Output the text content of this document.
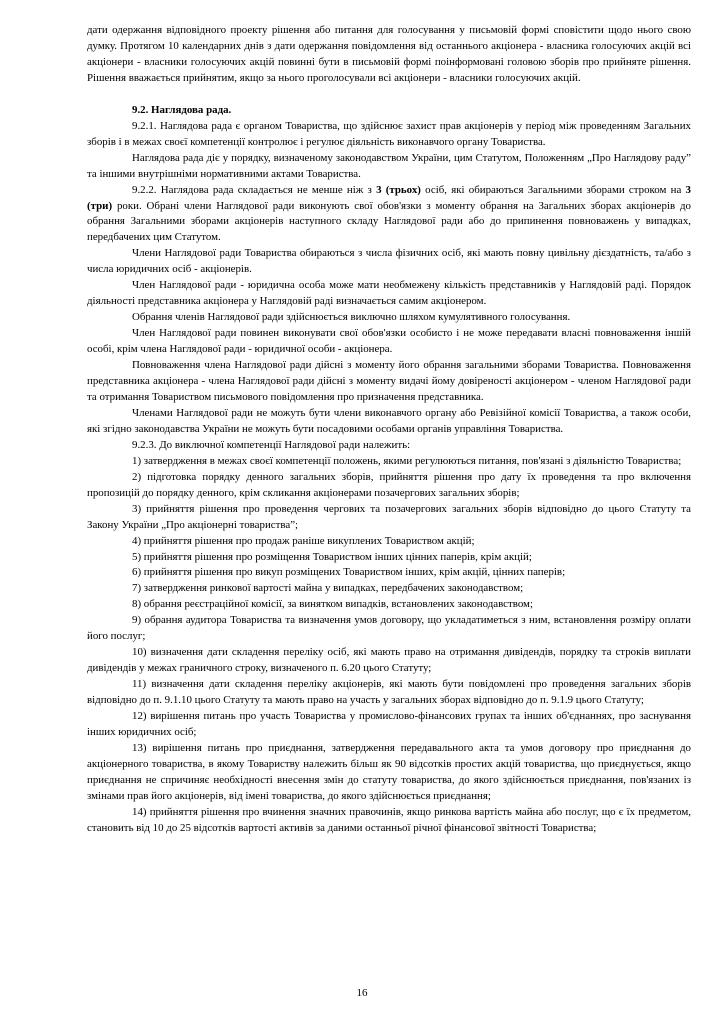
дати одержання відповідного проекту рішення або питання для голосування у письмовій формі сповістити щодо нього свою думку. Протягом 10 календарних днів з дати одержання повідомлення від останнього акціонера - власника голосуючих акцій всі акціонери - власники голосуючих акцій повинні бути в письмовій формі поінформовані головою зборів про прийняте рішення. Рішення вважається прийнятим, якщо за нього проголосували всі акціонери - власники голосуючих акцій.

9.2. Наглядова рада.

9.2.1. Наглядова рада є органом Товариства, що здійснює захист прав акціонерів у період між проведенням Загальних зборів і в межах своєї компетенції контролює і регулює діяльність виконавчого органу Товариства.

Наглядова рада діє у порядку, визначеному законодавством України, цим Статутом, Положенням „Про Наглядову раду” та іншими внутрішніми нормативними актами Товариства.

9.2.2. Наглядова рада складається не менше ніж з 3 (трьох) осіб, які обираються Загальними зборами строком на 3 (три) роки. Обрані члени Наглядової ради виконують свої обов'язки з моменту обрання на Загальних зборах акціонерів до обрання Загальними зборами акціонерів наступного складу Наглядової ради або до припинення повноважень у випадках, передбачених цим Статутом.

Члени Наглядової ради Товариства обираються з числа фізичних осіб, які мають повну цивільну дієздатність, та/або з числа юридичних осіб - акціонерів.

Член Наглядової ради - юридична особа може мати необмежену кількість представників у Наглядовій раді. Порядок діяльності представника акціонера у Наглядовій раді визначається самим акціонером.

Обрання членів Наглядової ради здійснюється виключно шляхом кумулятивного голосування.

Член Наглядової ради повинен виконувати свої обов'язки особисто і не може передавати власні повноваження іншій особі, крім члена Наглядової ради - юридичної особи - акціонера.

Повноваження члена Наглядової ради дійсні з моменту його обрання загальними зборами Товариства. Повноваження представника акціонера - члена Наглядової ради дійсні з моменту видачі йому довіреності акціонером - членом Наглядової ради та отримання Товариством письмового повідомлення про призначення представника.

Членами Наглядової ради не можуть бути члени виконавчого органу або Ревізійної комісії Товариства, а також особи, які згідно законодавства України не можуть бути посадовими особами органів управління Товариства.

9.2.3. До виключної компетенції Наглядової ради належить:

1) затвердження в межах своєї компетенції положень, якими регулюються питання, пов'язані з діяльністю Товариства;

2) підготовка порядку денного загальних зборів, прийняття рішення про дату їх проведення та про включення пропозицій до порядку денного, крім скликання акціонерами позачергових загальних зборів;

3) прийняття рішення про проведення чергових та позачергових загальних зборів відповідно до цього Статуту та Закону України „Про акціонерні товариства”;

4) прийняття рішення про продаж раніше викуплених Товариством акцій;

5) прийняття рішення про розміщення Товариством інших цінних паперів, крім акцій;

6) прийняття рішення про викуп розміщених Товариством інших, крім акцій, цінних паперів;

7) затвердження ринкової вартості майна у випадках, передбачених законодавством;

8) обрання реєстраційної комісії, за винятком випадків, встановлених законодавством;

9) обрання аудитора Товариства та визначення умов договору, що укладатиметься з ним, встановлення розміру оплати його послуг;

10) визначення дати складення переліку осіб, які мають право на отримання дивідендів, порядку та строків виплати дивідендів у межах граничного строку, визначеного п. 6.20 цього Статуту;

11) визначення дати складення переліку акціонерів, які мають бути повідомлені про проведення загальних зборів відповідно до п. 9.1.10 цього Статуту та мають право на участь у загальних зборах відповідно до п. 9.1.9 цього Статуту;

12) вирішення питань про участь Товариства у промислово-фінансових групах та інших об'єднаннях, про заснування інших юридичних осіб;

13) вирішення питань про приєднання, затвердження передавального акта та умов договору про приєднання до акціонерного товариства, в якому Товариству належить більш як 90 відсотків простих акцій товариства, що приєднується, якщо приєднання не спричиняє необхідності внесення змін до статуту товариства, до якого здійснюється приєднання, пов'язаних із змінами прав його акціонерів, від імені товариства, до якого здійснюється приєднання;

14) прийняття рішення про вчинення значних правочинів, якщо ринкова вартість майна або послуг, що є їх предметом, становить від 10 до 25 відсотків вартості активів за даними останньої річної фінансової звітності Товариства;

16
